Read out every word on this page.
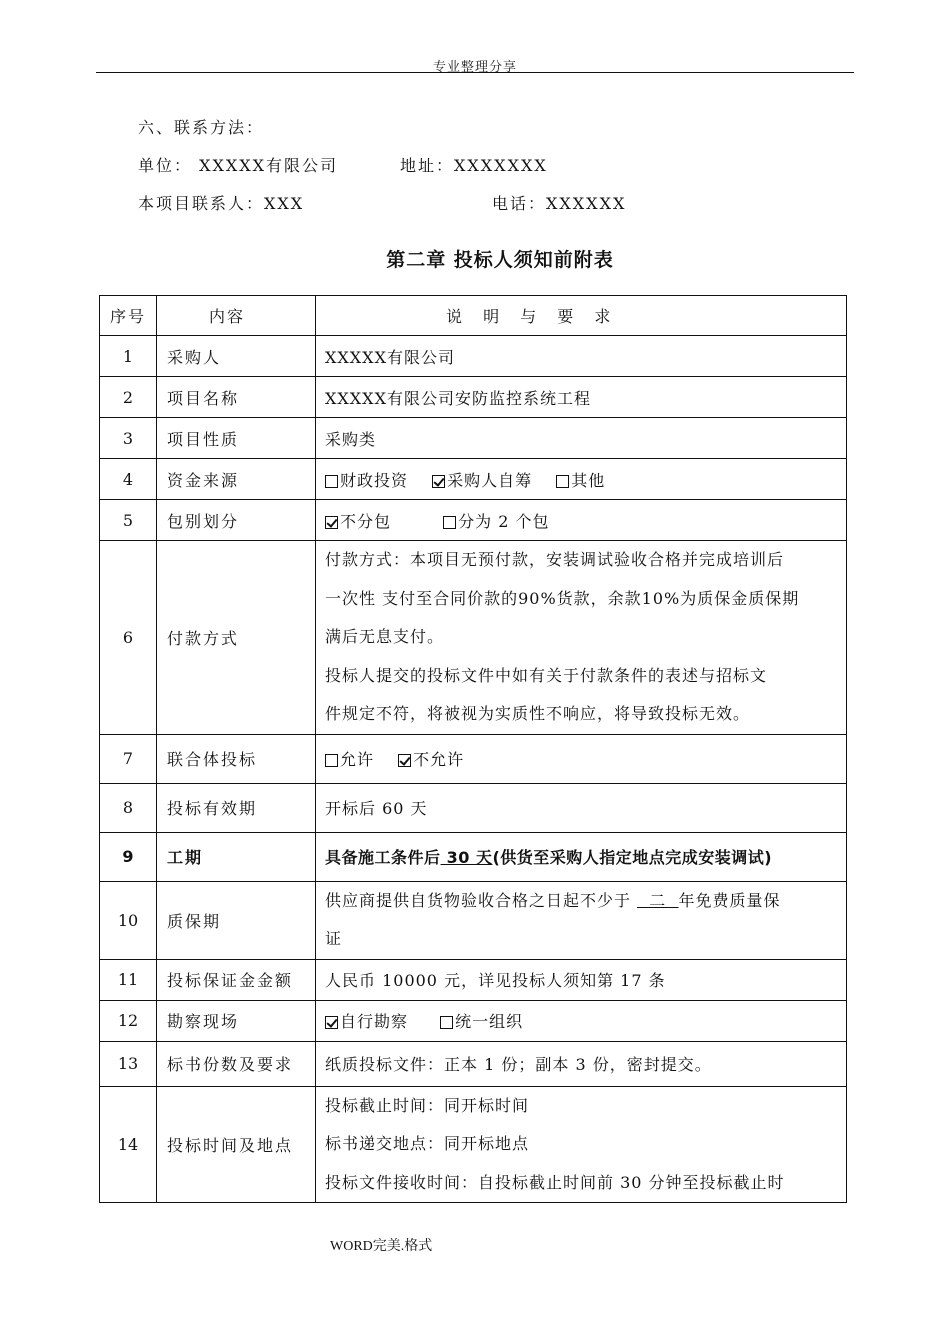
专业整理分享
六、联系方法：
单位： XXXXX有限公司	地址：XXXXXXX
本项目联系人：XXX	电话：XXXXXX
第二章 投标人须知前附表
序号	内容	说 明 与 要 求
1	采购人	XXXXX有限公司
2	项目名称	XXXXX有限公司安防监控系统工程
3	项目性质	采购类
4	资金来源	财政投资 采购人自筹 其他
5	包别划分	不分包 分为 2 个包
6	付款方式	付款方式：本项目无预付款，安装调试验收合格并完成培训后
一次性 支付至合同价款的90%货款，余款10%为质保金质保期
满后无息支付。
投标人提交的投标文件中如有关于付款条件的表述与招标文
件规定不符，将被视为实质性不响应，将导致投标无效。

7	联合体投标	允许 不允许
8	投标有效期	开标后 60 天
9	工期	具备施工条件后 30 天(供货至采购人指定地点完成安装调试)
10	质保期	供应商提供自货物验收合格之日起不少于   二  年免费质量保
证

11	投标保证金金额	人民币 10000 元，详见投标人须知第 17 条
12	勘察现场	自行勘察 统一组织
13	标书份数及要求	纸质投标文件：正本 1 份；副本 3 份，密封提交。
14	投标时间及地点	投标截止时间：同开标时间
标书递交地点：同开标地点
投标文件接收时间：自投标截止时间前 30 分钟至投标截止时
WORD完美.格式
